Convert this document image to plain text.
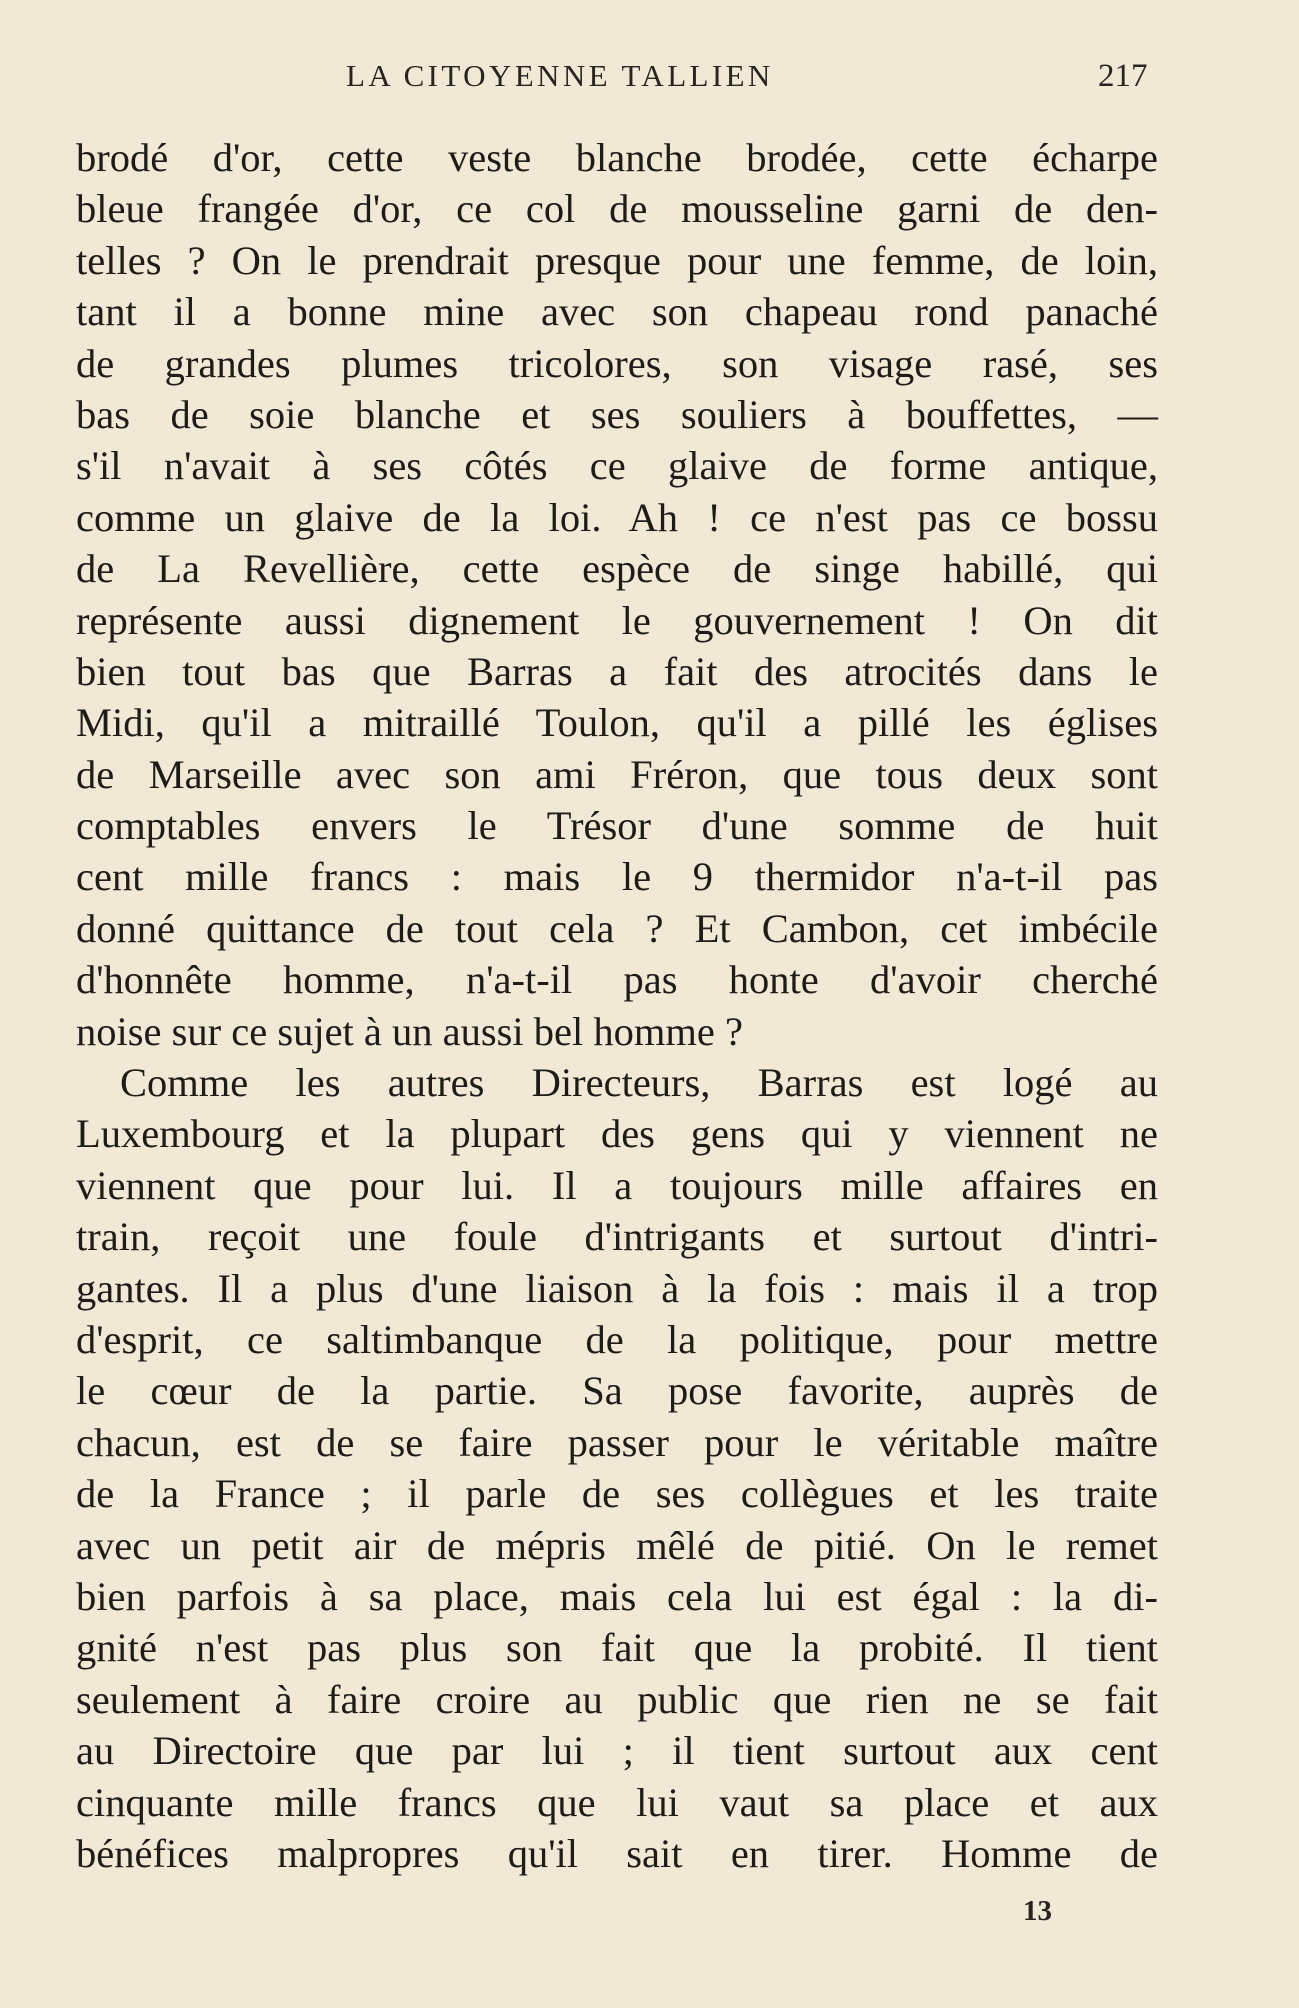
LA CITOYENNE TALLIEN	217
brodé d'or, cette veste blanche brodée, cette écharpe
bleue frangée d'or, ce col de mousseline garni de den-
telles ? On le prendrait presque pour une femme, de loin,
tant il a bonne mine avec son chapeau rond panaché
de grandes plumes tricolores, son visage rasé, ses
bas de soie blanche et ses souliers à bouffettes, —
s'il n'avait à ses côtés ce glaive de forme antique,
comme un glaive de la loi. Ah ! ce n'est pas ce bossu
de La Revellière, cette espèce de singe habillé, qui
représente aussi dignement le gouvernement ! On dit
bien tout bas que Barras a fait des atrocités dans le
Midi, qu'il a mitraillé Toulon, qu'il a pillé les églises
de Marseille avec son ami Fréron, que tous deux sont
comptables envers le Trésor d'une somme de huit
cent mille francs : mais le 9 thermidor n'a-t-il pas
donné quittance de tout cela ? Et Cambon, cet imbécile
d'honnête homme, n'a-t-il pas honte d'avoir cherché
noise sur ce sujet à un aussi bel homme ?
Comme les autres Directeurs, Barras est logé au
Luxembourg et la plupart des gens qui y viennent ne
viennent que pour lui. Il a toujours mille affaires en
train, reçoit une foule d'intrigants et surtout d'intri-
gantes. Il a plus d'une liaison à la fois : mais il a trop
d'esprit, ce saltimbanque de la politique, pour mettre
le cœur de la partie. Sa pose favorite, auprès de
chacun, est de se faire passer pour le véritable maître
de la France ; il parle de ses collègues et les traite
avec un petit air de mépris mêlé de pitié. On le remet
bien parfois à sa place, mais cela lui est égal : la di-
gnité n'est pas plus son fait que la probité. Il tient
seulement à faire croire au public que rien ne se fait
au Directoire que par lui ; il tient surtout aux cent
cinquante mille francs que lui vaut sa place et aux
bénéfices malpropres qu'il sait en tirer. Homme de
13
